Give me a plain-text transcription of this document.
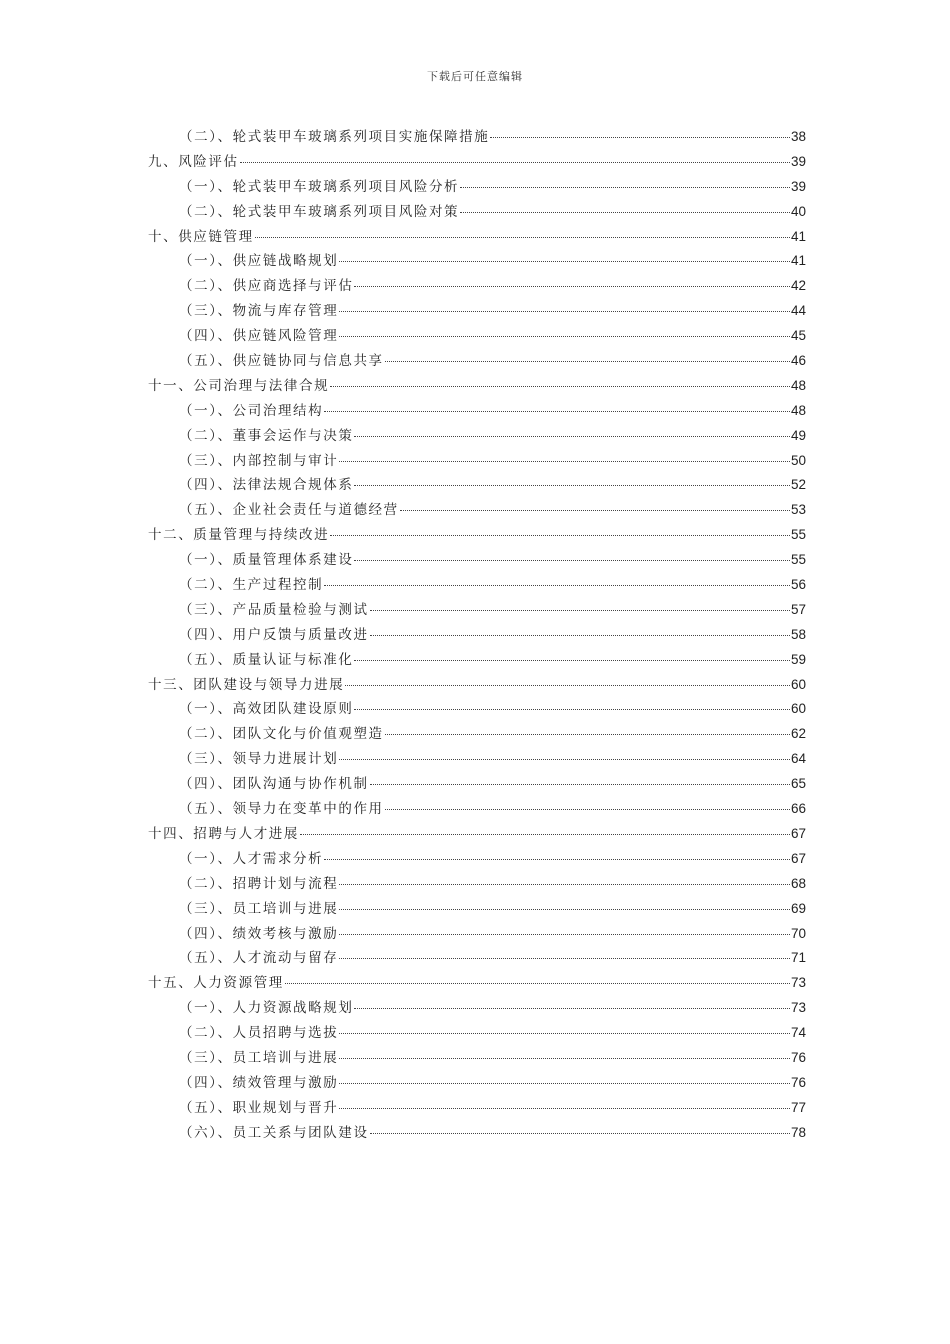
下载后可任意编辑
（二）、轮式装甲车玻璃系列项目实施保障措施	38
九、风险评估	39
（一）、轮式装甲车玻璃系列项目风险分析	39
（二）、轮式装甲车玻璃系列项目风险对策	40
十、供应链管理	41
（一）、供应链战略规划	41
（二）、供应商选择与评估	42
（三）、物流与库存管理	44
（四）、供应链风险管理	45
（五）、供应链协同与信息共享	46
十一、公司治理与法律合规	48
（一）、公司治理结构	48
（二）、董事会运作与决策	49
（三）、内部控制与审计	50
（四）、法律法规合规体系	52
（五）、企业社会责任与道德经营	53
十二、质量管理与持续改进	55
（一）、质量管理体系建设	55
（二）、生产过程控制	56
（三）、产品质量检验与测试	57
（四）、用户反馈与质量改进	58
（五）、质量认证与标准化	59
十三、团队建设与领导力进展	60
（一）、高效团队建设原则	60
（二）、团队文化与价值观塑造	62
（三）、领导力进展计划	64
（四）、团队沟通与协作机制	65
（五）、领导力在变革中的作用	66
十四、招聘与人才进展	67
（一）、人才需求分析	67
（二）、招聘计划与流程	68
（三）、员工培训与进展	69
（四）、绩效考核与激励	70
（五）、人才流动与留存	71
十五、人力资源管理	73
（一）、人力资源战略规划	73
（二）、人员招聘与选拔	74
（三）、员工培训与进展	76
（四）、绩效管理与激励	76
（五）、职业规划与晋升	77
（六）、员工关系与团队建设	78
